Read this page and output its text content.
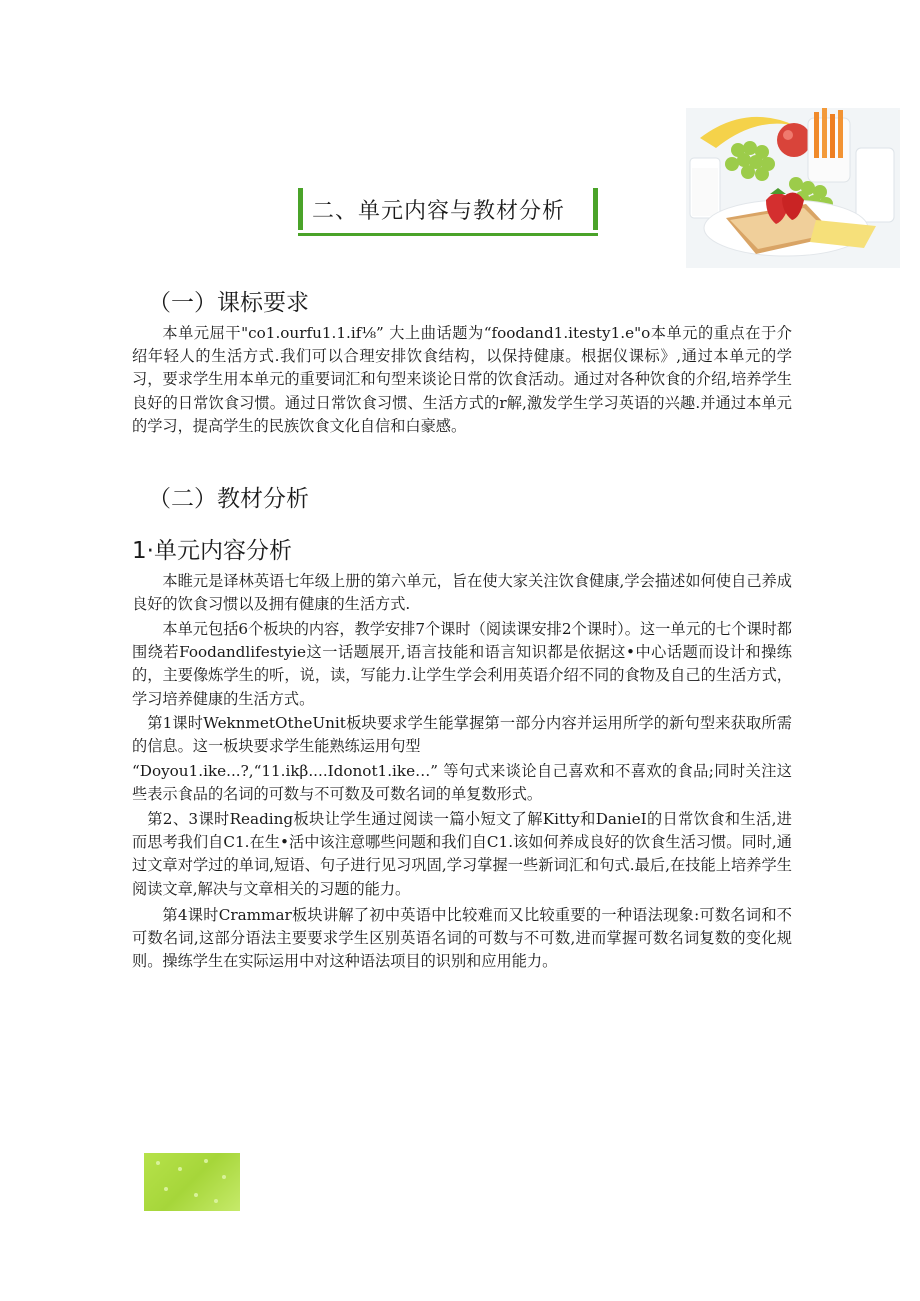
二、单元内容与教材分析
（一）课标要求

本单元屈干"co1.ourfu1.1.if⅛” 大上曲话题为“foodand1.itesty1.e"o本单元的重点在于介绍年轻人的生活方式.我们可以合理安排饮食结构，以保持健康。根据仪课标》,通过本单元的学习，要求学生用本单元的重要词汇和句型来谈论日常的饮食活动。通过对各种饮食的介绍,培养学生良好的日常饮食习惯。通过日常饮食习惯、生活方式的r解,激发学生学习英语的兴趣.并通过本单元的学习，提高学生的民族饮食文化自信和白豪感。

（二）教材分析
1·单元内容分析

本睢元是译林英语七年级上册的第六单元，旨在使大家关注饮食健康,学会描述如何使自己养成良好的饮食习惯以及拥有健康的生活方式.

本单元包括6个板块的内容，教学安排7个课时（阅读课安排2个课时）。这一单元的七个课时都围绕若Foodandlifestyie这一话题展开,语言技能和语言知识都是依据这•中心话题而设计和操练的，主要像炼学生的听，说，读，写能力.让学生学会利用英语介绍不同的食物及自己的生活方式，学习培养健康的生活方式。

第1课时WeknmetOtheUnit板块要求学生能掌握第一部分内容并运用所学的新句型来获取所需的信息。这一板块要求学生能熟练运用句型

“Doyou1.ike...?,“11.ikβ....Idonot1.ike…” 等句式来谈论自己喜欢和不喜欢的食品;同时关注这些表示食品的名词的可数与不可数及可数名词的单复数形式。

第2、3课时Reading板块让学生通过阅读一篇小短文了解Kitty和DanieI的日常饮食和生活,进而思考我们自C1.在生•活中该注意哪些问题和我们自C1.该如何养成良好的饮食生活习惯。同时,通过文章对学过的单词,短语、句子进行见习巩固,学习掌握一些新词汇和句式.最后,在技能上培养学生阅读文章,解决与文章相关的习题的能力。

第4课时Crammar板块讲解了初中英语中比较难而又比较重要的一种语法现象:可数名词和不可数名词,这部分语法主要要求学生区别英语名词的可数与不可数,进而掌握可数名词复数的变化规则。操练学生在实际运用中对这种语法项目的识别和应用能力。
